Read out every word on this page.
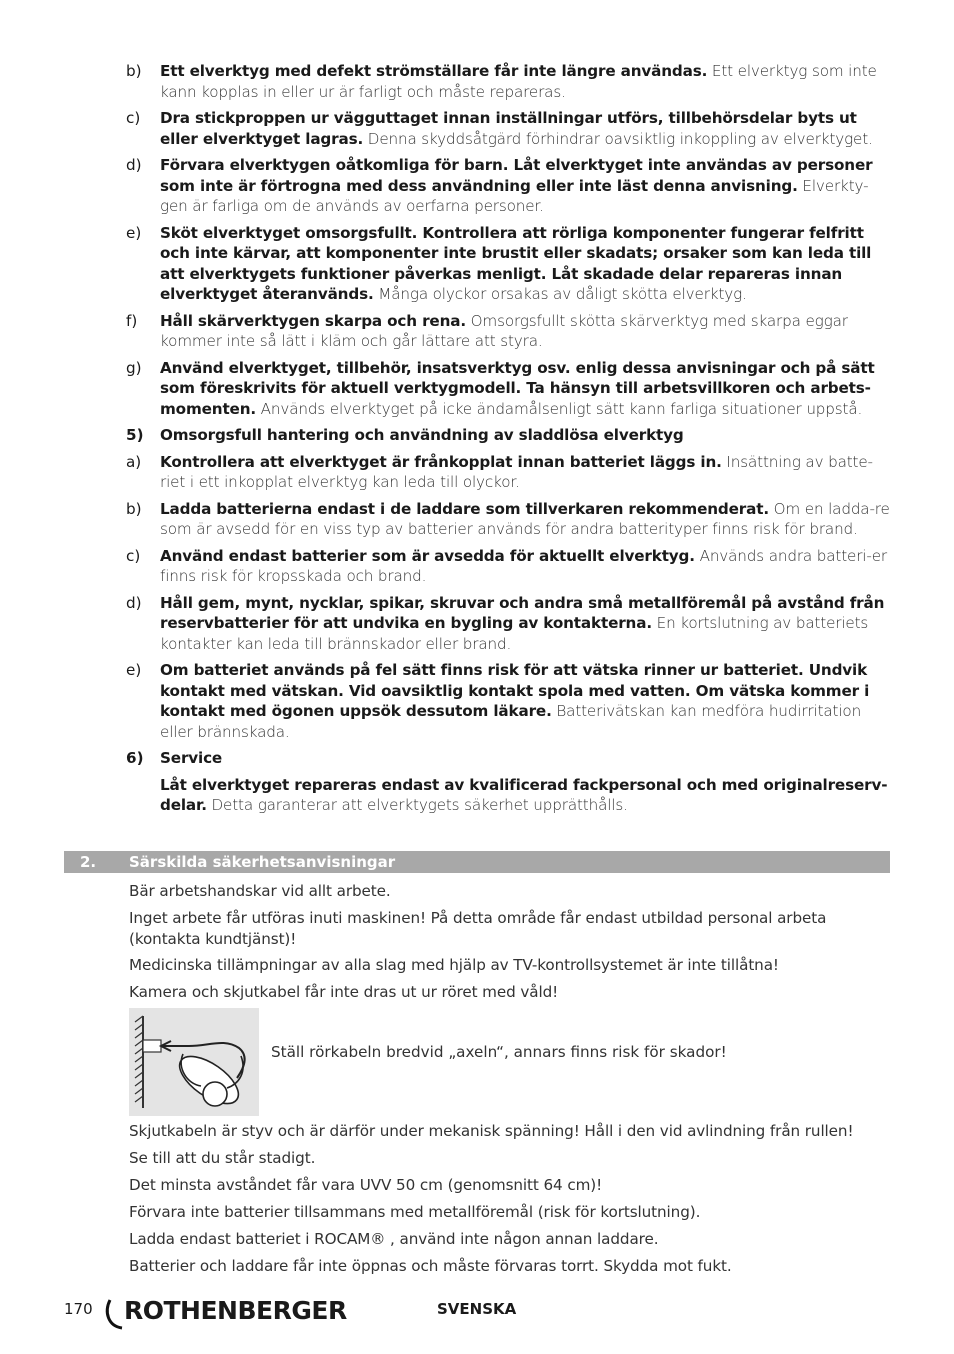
b)	Ett elverktyg med defekt strömställare får inte längre användas. Ett elverktyg som inte kann kopplas in eller ur är farligt och måste repareras.
c)	Dra stickproppen ur vägguttaget innan inställningar utförs, tillbehörsdelar byts ut eller elverktyget lagras. Denna skyddsåtgärd förhindrar oavsiktlig inkoppling av elverktyget.
d)	Förvara elverktygen oåtkomliga för barn. Låt elverktyget inte användas av personer som inte är förtrogna med dess användning eller inte läst denna anvisning. Elverkty-gen är farliga om de används av oerfarna personer.
e)	Sköt elverktyget omsorgsfullt. Kontrollera att rörliga komponenter fungerar felfritt och inte kärvar, att komponenter inte brustit eller skadats; orsaker som kan leda till att elverktygets funktioner påverkas menligt. Låt skadade delar repareras innan elverktyget återanvänds. Många olyckor orsakas av dåligt skötta elverktyg.
f)	Håll skärverktygen skarpa och rena. Omsorgsfullt skötta skärverktyg med skarpa eggar kommer inte så lätt i kläm och går lättare att styra.
g)	Använd elverktyget, tillbehör, insatsverktyg osv. enlig dessa anvisningar och på sätt som föreskrivits för aktuell verktygmodell. Ta hänsyn till arbetsvillkoren och arbets-momenten. Används elverktyget på icke ändamålsenligt sätt kann farliga situationer uppstå.
5)	Omsorgsfull hantering och användning av sladdlösa elverktyg
a)	Kontrollera att elverktyget är frånkopplat innan batteriet läggs in. Insättning av batte-riet i ett inkopplat elverktyg kan leda till olyckor.
b)	Ladda batterierna endast i de laddare som tillverkaren rekommenderat. Om en ladda-re som är avsedd för en viss typ av batterier används för andra batterityper finns risk för brand.
c)	Använd endast batterier som är avsedda för aktuellt elverktyg. Används andra batteri-er finns risk för kropsskada och brand.
d)	Håll gem, mynt, nycklar, spikar, skruvar och andra små metallföremål på avstånd från reservbatterier för att undvika en bygling av kontakterna. En kortslutning av batteriets kontakter kan leda till brännskador eller brand.
e)	Om batteriet används på fel sätt finns risk för att vätska rinner ur batteriet. Undvik kontakt med vätskan. Vid oavsiktlig kontakt spola med vatten. Om vätska kommer i kontakt med ögonen uppsök dessutom läkare. Batterivätskan kan medföra hudirritation eller brännskada.
6)	Service
Låt elverktyget repareras endast av kvalificerad fackpersonal och med originalreserv-delar. Detta garanterar att elverktygets säkerhet upprätthålls.
2. Särskilda säkerhetsanvisningar
Bär arbetshandskar vid allt arbete.
Inget arbete får utföras inuti maskinen! På detta område får endast utbildad personal arbeta (kontakta kundtjänst)!
Medicinska tillämpningar av alla slag med hjälp av TV-kontrollsystemet är inte tillåtna!
Kamera och skjutkabel får inte dras ut ur röret med våld!
Ställ rörkabeln bredvid „axeln“, annars finns risk för skador!
Skjutkabeln är styv och är därför under mekanisk spänning! Håll i den vid avlindning från rullen!
Se till att du står stadigt.
Det minsta avståndet får vara UVV 50 cm (genomsnitt 64 cm)!
Förvara inte batterier tillsammans med metallföremål (risk för kortslutning).
Ladda endast batteriet i ROCAM® , använd inte någon annan laddare.
Batterier och laddare får inte öppnas och måste förvaras torrt. Skydda mot fukt.
170 ROTHENBERGER	SVENSKA
